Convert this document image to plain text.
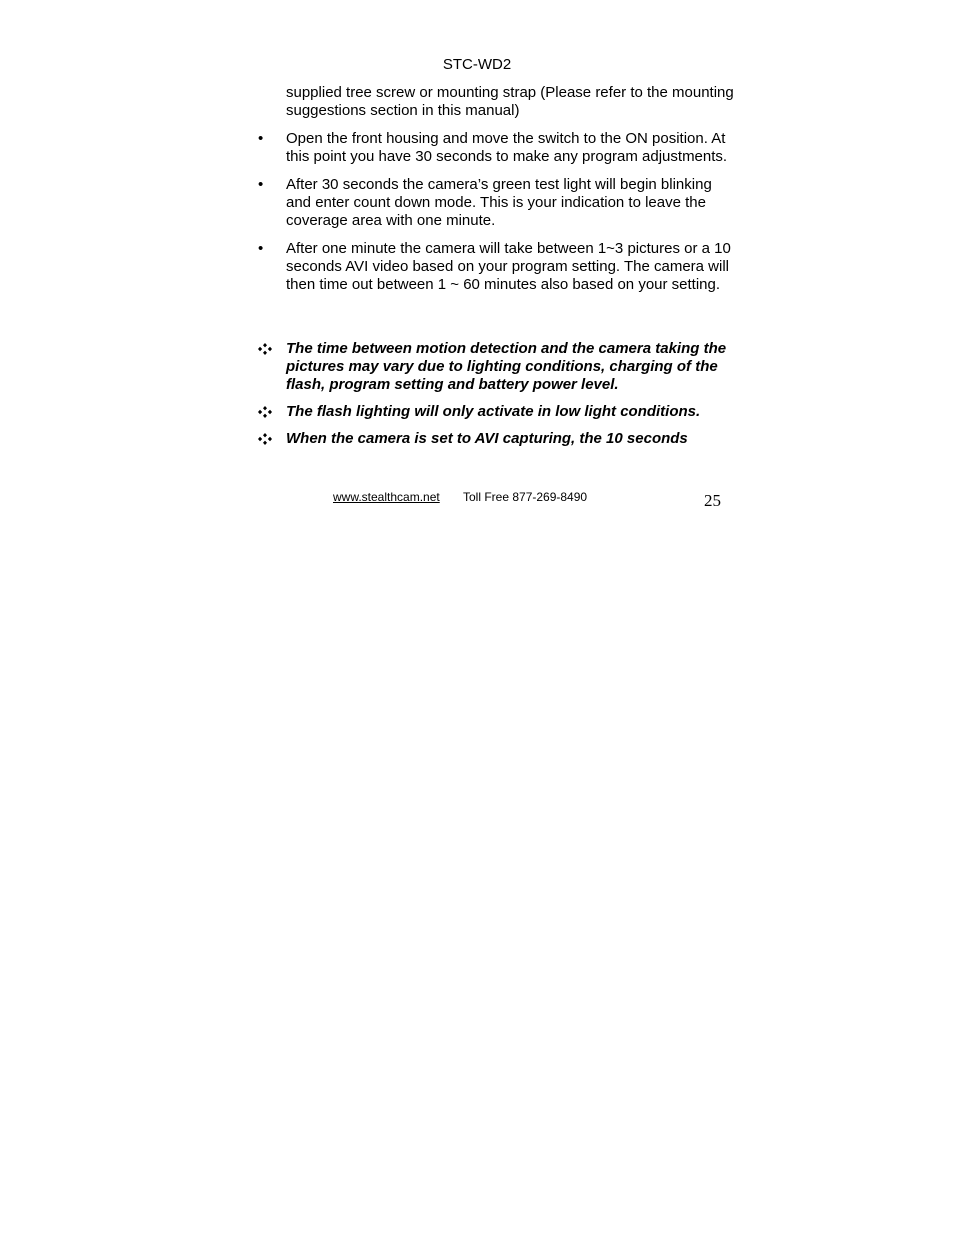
STC-WD2

supplied tree screw or mounting strap (Please refer to the mounting suggestions section in this manual)

•	Open the front housing and move the switch to the ON position. At this point you have 30 seconds to make any program adjustments.
•	After 30 seconds the camera’s green test light will begin blinking and enter count down mode. This is your indication to leave the coverage area with one minute.
•	After one minute the camera will take between 1~3 pictures or a 10 seconds AVI video based on your program setting. The camera will then time out between 1 ~ 60 minutes also based on your setting.
The time between motion detection and the camera taking the pictures may vary due to lighting conditions, charging of the flash, program setting and battery power level.
The flash lighting will only activate in low light conditions.
When the camera is set to AVI capturing, the 10 seconds
www.stealthcam.net Toll Free 877-269-8490	25
